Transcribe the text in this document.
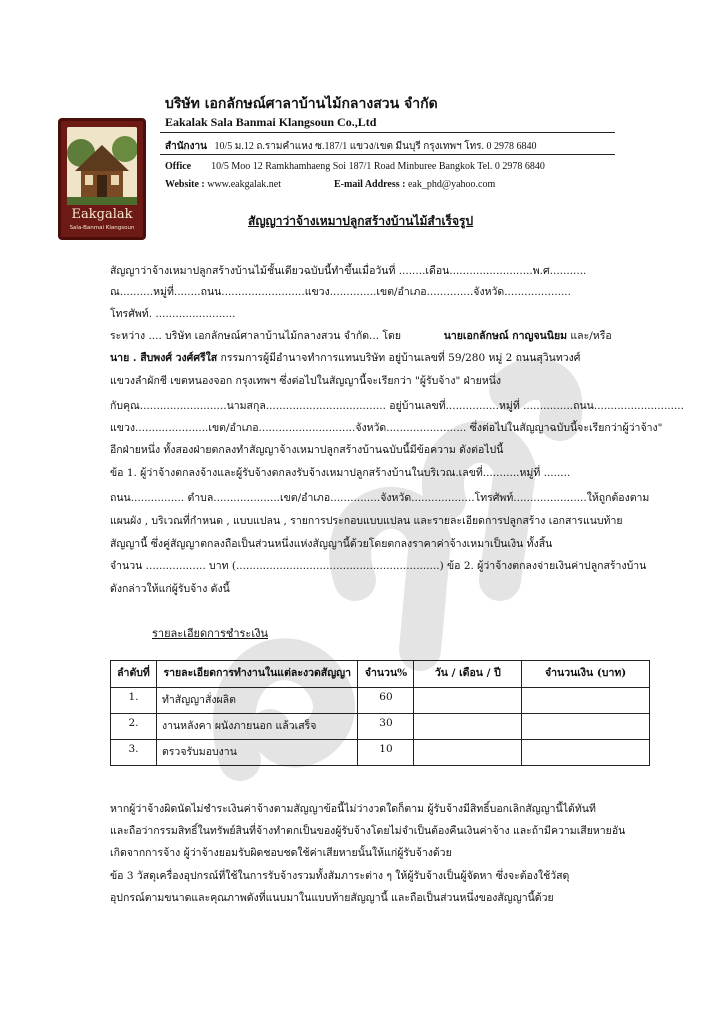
Eakgalak
Sala-Banmai Klangsoun
บริษัท เอกลักษณ์ศาลาบ้านไม้กลางสวน จำกัด
Eakalak Sala Banmai Klangsoun Co.,Ltd
สำนักงาน 10/5 ม.12 ถ.รามคำแหง ซ.187/1 แขวง/เขต มีนบุรี กรุงเทพฯ โทร. 0 2978 6840
Office 10/5 Moo 12 Ramkhamhaeng Soi 187/1 Road Minburee Bangkok Tel. 0 2978 6840
Website : www.eakgalak.net	E-mail Address : eak_phd@yahoo.com
สัญญาว่าจ้างเหมาปลูกสร้างบ้านไม้สำเร็จรูป
สัญญาว่าจ้างเหมาปลูกสร้างบ้านไม้ชั้นเดียวฉบับนี้ทำขึ้นเมื่อวันที่ ........เดือน.........................พ.ศ...........
ณ..........หมู่ที่........ถนน.........................แขวง..............เขต/อำเภอ..............จังหวัด....................
โทรศัพท์. ........................
ระหว่าง .... บริษัท เอกลักษณ์ศาลาบ้านไม้กลางสวน จำกัด... โดย	นายเอกลักษณ์ กาญจนนิยม และ/หรือ
นาย . สืบพงศ์ วงศ์ศรีใส กรรมการผู้มีอำนาจทำการแทนบริษัท อยู่บ้านเลขที่ 59/280 หมู่ 2 ถนนสุวินทวงศ์
แขวงลำผักชี เขตหนองจอก กรุงเทพฯ ซึ่งต่อไปในสัญญานี้จะเรียกว่า "ผู้รับจ้าง" ฝ่ายหนึ่ง
กับคุณ..........................นามสกุล.................................... อยู่บ้านเลขที่................หมู่ที่ ...............ถนน...........................
แขวง......................เขต/อำเภอ.............................จังหวัด........................ ซึ่งต่อไปในสัญญาฉบับนี้จะเรียกว่าผู้ว่าจ้าง"
อีกฝ่ายหนึ่ง ทั้งสองฝ่ายตกลงทำสัญญาจ้างเหมาปลูกสร้างบ้านฉบับนี้มีข้อความ ดังต่อไปนี้
ข้อ 1. ผู้ว่าจ้างตกลงจ้างและผู้รับจ้างตกลงรับจ้างเหมาปลูกสร้างบ้านในบริเวณ.เลขที่...........หมู่ที่ ........
ถนน................ ตำบล....................เขต/อำเภอ...............จังหวัด...................โทรศัพท์......................ให้ถูกต้องตาม
แผนผัง , บริเวณที่กำหนด , แบบแปลน , รายการประกอบแบบแปลน และรายละเอียดการปลูกสร้าง เอกสารแนบท้าย
สัญญานี้ ซึ่งคู่สัญญาตกลงถือเป็นส่วนหนึ่งแห่งสัญญานี้ด้วยโดยตกลงราคาค่าจ้างเหมาเป็นเงิน ทั้งสิ้น
จำนวน .................. บาท (.............................................................) ข้อ 2. ผู้ว่าจ้างตกลงจ่ายเงินค่าปลูกสร้างบ้าน
ดังกล่าวให้แก่ผู้รับจ้าง ดังนี้
รายละเอียดการชำระเงิน
ลำดับที่	รายละเอียดการทำงานในแต่ละงวดสัญญา	จำนวน%	วัน / เดือน / ปี	จำนวนเงิน (บาท)
1.	ทำสัญญาสั่งผลิต	60		
2.	งานหลังคา ผนังภายนอก แล้วเสร็จ	30		
3.	ตรวจรับมอบงาน	10		
หากผู้ว่าจ้างผิดนัดไม่ชำระเงินค่าจ้างตามสัญญาข้อนี้ไม่ว่างวดใดก็ตาม ผู้รับจ้างมีสิทธิ์บอกเลิกสัญญานี้ได้ทันที
และถือว่ากรรมสิทธิ์ในทรัพย์สินที่จ้างทำตกเป็นของผู้รับจ้างโดยไม่จำเป็นต้องคืนเงินค่าจ้าง และถ้ามีความเสียหายอัน
เกิดจากการจ้าง ผู้ว่าจ้างยอมรับผิดชอบชดใช้ค่าเสียหายนั้นให้แก่ผู้รับจ้างด้วย
ข้อ 3 วัสดุเครื่องอุปกรณ์ที่ใช้ในการรับจ้างรวมทั้งสัมภาระต่าง ๆ ให้ผู้รับจ้างเป็นผู้จัดหา ซึ่งจะต้องใช้วัสดุ
อุปกรณ์ตามขนาดและคุณภาพดังที่แนบมาในแบบท้ายสัญญานี้ และถือเป็นส่วนหนึ่งของสัญญานี้ด้วย
